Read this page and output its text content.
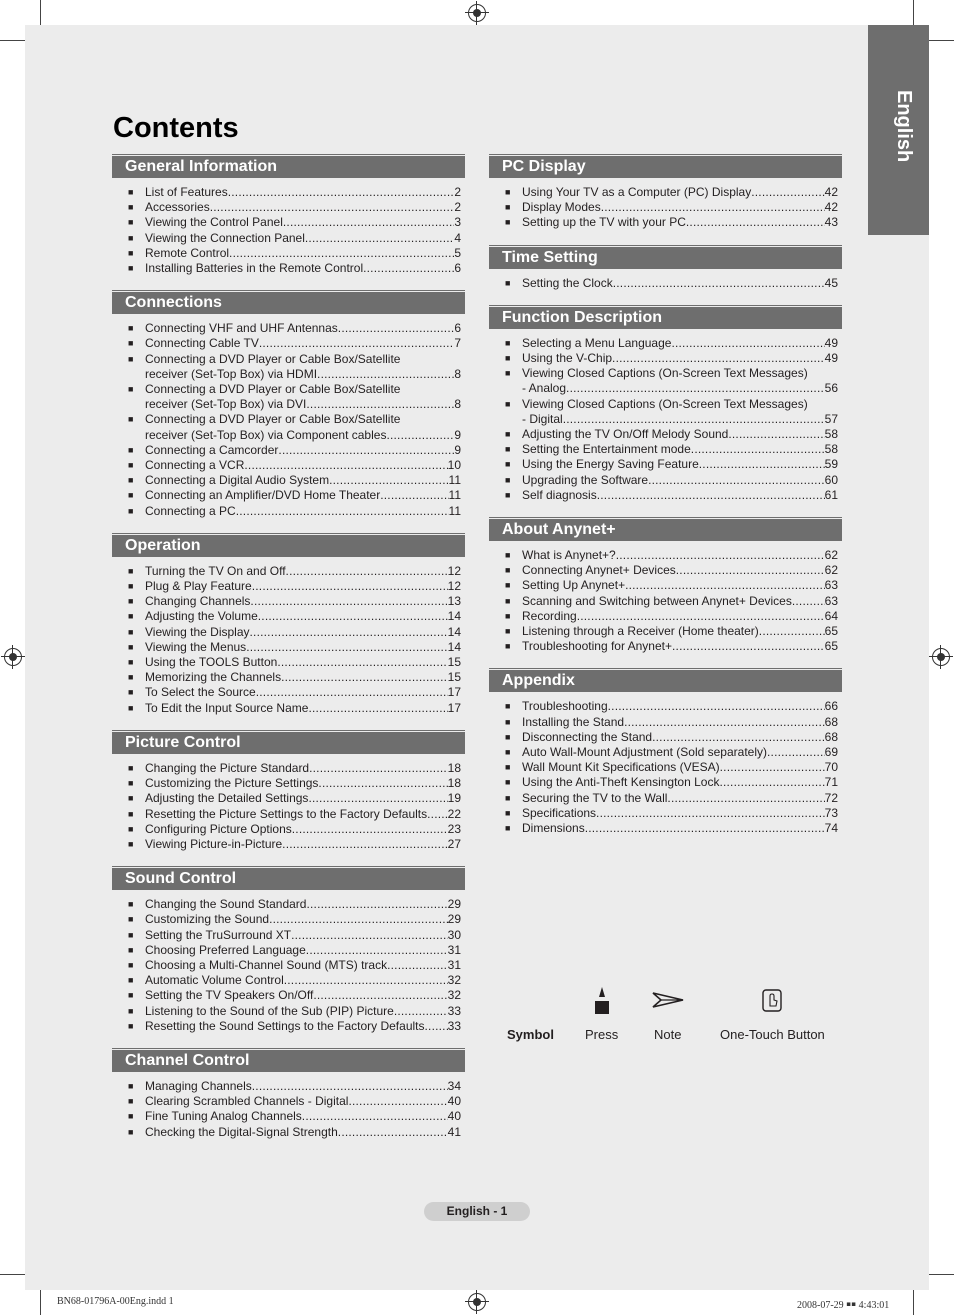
English
Contents
General Information
■ List of Features .....	2
■ Accessories .....	2
■ Viewing the Control Panel .....	3
■ Viewing the Connection Panel .....	4
■ Remote Control .....	5
■ Installing Batteries in the Remote Control .....	6
Connections
■ Connecting VHF and UHF Antennas .....	6
■ Connecting Cable TV .....	7
■ Connecting a DVD Player or Cable Box/Satellite
receiver (Set-Top Box) via HDMI .....	8
■ Connecting a DVD Player or Cable Box/Satellite
receiver (Set-Top Box) via DVI .....	8
■ Connecting a DVD Player or Cable Box/Satellite
receiver (Set-Top Box) via Component cables .....	9
■ Connecting a Camcorder .....	9
■ Connecting a VCR .....	10
■ Connecting a Digital Audio System .....	11
■ Connecting an Amplifier/DVD Home Theater .....	11
■ Connecting a PC .....	11
Operation
■ Turning the TV On and Off .....	12
■ Plug & Play Feature .....	12
■ Changing Channels .....	13
■ Adjusting the Volume .....	14
■ Viewing the Display .....	14
■ Viewing the Menus .....	14
■ Using the TOOLS Button .....	15
■ Memorizing the Channels .....	15
■ To Select the Source .....	17
■ To Edit the Input Source Name .....	17
Picture Control
■ Changing the Picture Standard .....	18
■ Customizing the Picture Settings .....	18
■ Adjusting the Detailed Settings .....	19
■ Resetting the Picture Settings to the Factory Defaults ..... 22
■ Configuring Picture Options .....	23
■ Viewing Picture-in-Picture .....	27
Sound Control
■ Changing the Sound Standard .....	29
■ Customizing the Sound .....	29
■ Setting the TruSurround XT .....	30
■ Choosing Preferred Language .....	31
■ Choosing a Multi-Channel Sound (MTS) track .....	31
■ Automatic Volume Control .....	32
■ Setting the TV Speakers On/Off .....	32
■ Listening to the Sound of the Sub (PIP) Picture .....	33
■ Resetting the Sound Settings to the Factory Defaults ..... 33
Channel Control
■ Managing Channels .....	34
■ Clearing Scrambled Channels - Digital .....	40
■ Fine Tuning Analog Channels .....	40
■ Checking the Digital-Signal Strength .....	41
PC Display
■ Using Your TV as a Computer (PC) Display .....	42
■ Display Modes .....	42
■ Setting up the TV with your PC .....	43
Time Setting
■ Setting the Clock .....	45
Function Description
■ Selecting a Menu Language .....	49
■ Using the V-Chip .....	49
■ Viewing Closed Captions (On-Screen Text Messages)
- Analog .....	56
■ Viewing Closed Captions (On-Screen Text Messages)
- Digital .....	57
■ Adjusting the TV On/Off Melody Sound .....	58
■ Setting the Entertainment mode .....	58
■ Using the Energy Saving Feature .....	59
■ Upgrading the Software .....	60
■ Self diagnosis .....	61
About Anynet+
■ What is Anynet+? .....	62
■ Connecting Anynet+ Devices .....	62
■ Setting Up Anynet+ .....	63
■ Scanning and Switching between Anynet+ Devices .....	63
■ Recording .....	64
■ Listening through a Receiver (Home theater) .....	65
■ Troubleshooting for Anynet+ .....	65
Appendix
■ Troubleshooting .....	66
■ Installing the Stand .....	68
■ Disconnecting the Stand .....	68
■ Auto Wall-Mount Adjustment (Sold separately) .....	69
■ Wall Mount Kit Specifications (VESA) .....	70
■ Using the Anti-Theft Kensington Lock .....	71
■ Securing the TV to the Wall .....	72
■ Specifications .....	73
■ Dimensions .....	74
Symbol Press	Note	One-Touch Button
English - 1
BN68-01796A-00Eng.indd 1	2008-07-29 ￭￭ 4:43:01
